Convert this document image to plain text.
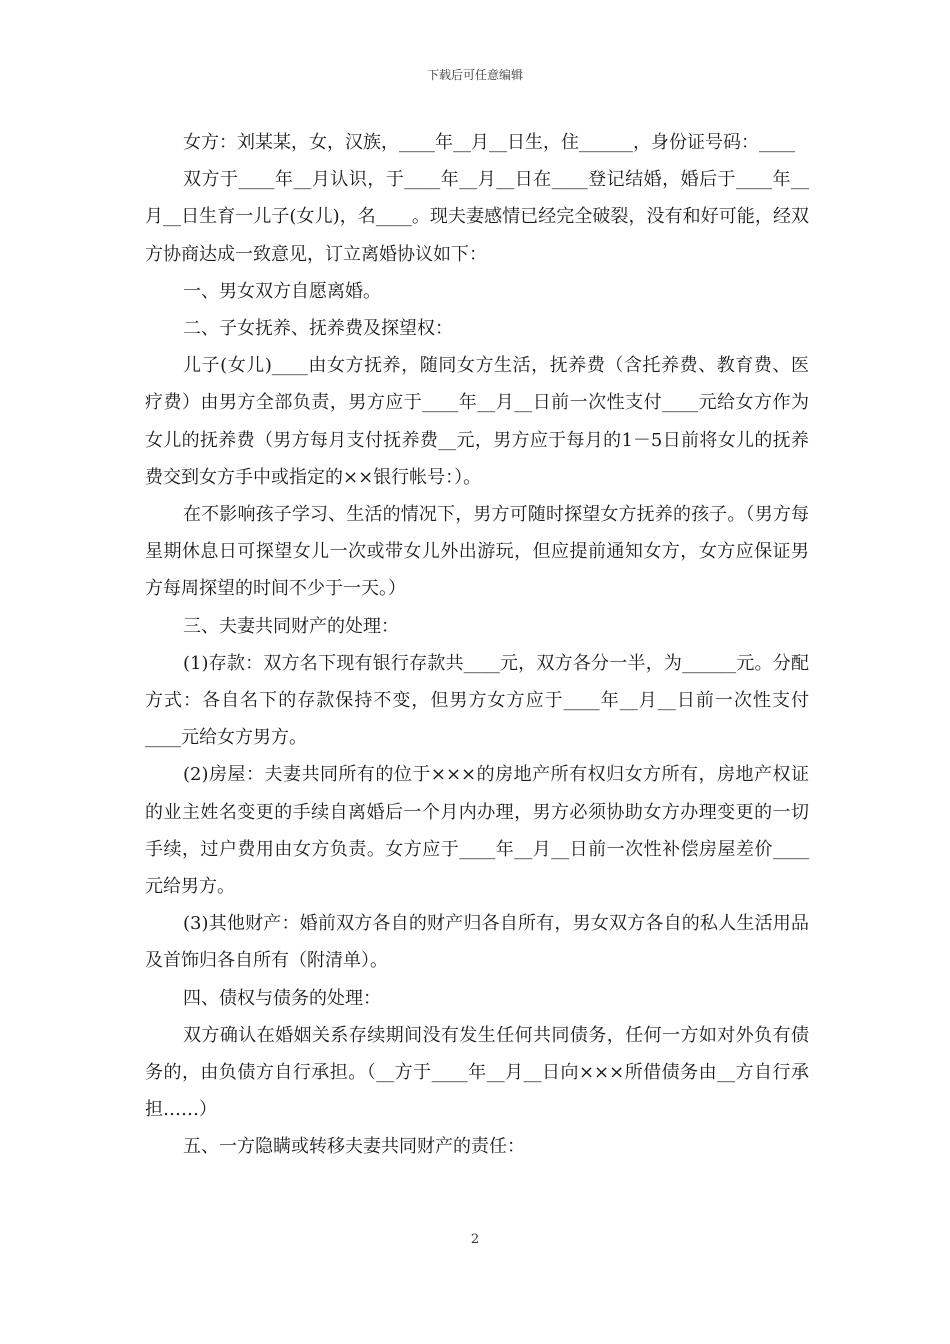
下载后可任意编辑

女方：刘某某，女，汉族，____年__月__日生，住______，身份证号码：____

双方于____年__月认识，于____年__月__日在____登记结婚，婚后于____年__月__日生育一儿子(女儿)，名____。现夫妻感情已经完全破裂，没有和好可能，经双方协商达成一致意见，订立离婚协议如下：

一、男女双方自愿离婚。

二、子女抚养、抚养费及探望权：

儿子(女儿)____由女方抚养，随同女方生活，抚养费（含托养费、教育费、医疗费）由男方全部负责，男方应于____年__月__日前一次性支付____元给女方作为女儿的抚养费（男方每月支付抚养费__元，男方应于每月的1－5日前将女儿的抚养费交到女方手中或指定的××银行帐号：）。

在不影响孩子学习、生活的情况下，男方可随时探望女方抚养的孩子。（男方每星期休息日可探望女儿一次或带女儿外出游玩，但应提前通知女方，女方应保证男方每周探望的时间不少于一天。）

三、夫妻共同财产的处理：

(1)存款：双方名下现有银行存款共____元，双方各分一半，为______元。分配方式：各自名下的存款保持不变，但男方女方应于____年__月__日前一次性支付____元给女方男方。

(2)房屋：夫妻共同所有的位于×××的房地产所有权归女方所有，房地产权证的业主姓名变更的手续自离婚后一个月内办理，男方必须协助女方办理变更的一切手续，过户费用由女方负责。女方应于____年__月__日前一次性补偿房屋差价____元给男方。

(3)其他财产：婚前双方各自的财产归各自所有，男女双方各自的私人生活用品及首饰归各自所有（附清单）。

四、债权与债务的处理：

双方确认在婚姻关系存续期间没有发生任何共同债务，任何一方如对外负有债务的，由负债方自行承担。（__方于____年__月__日向×××所借债务由__方自行承担……）

五、一方隐瞒或转移夫妻共同财产的责任：

2
